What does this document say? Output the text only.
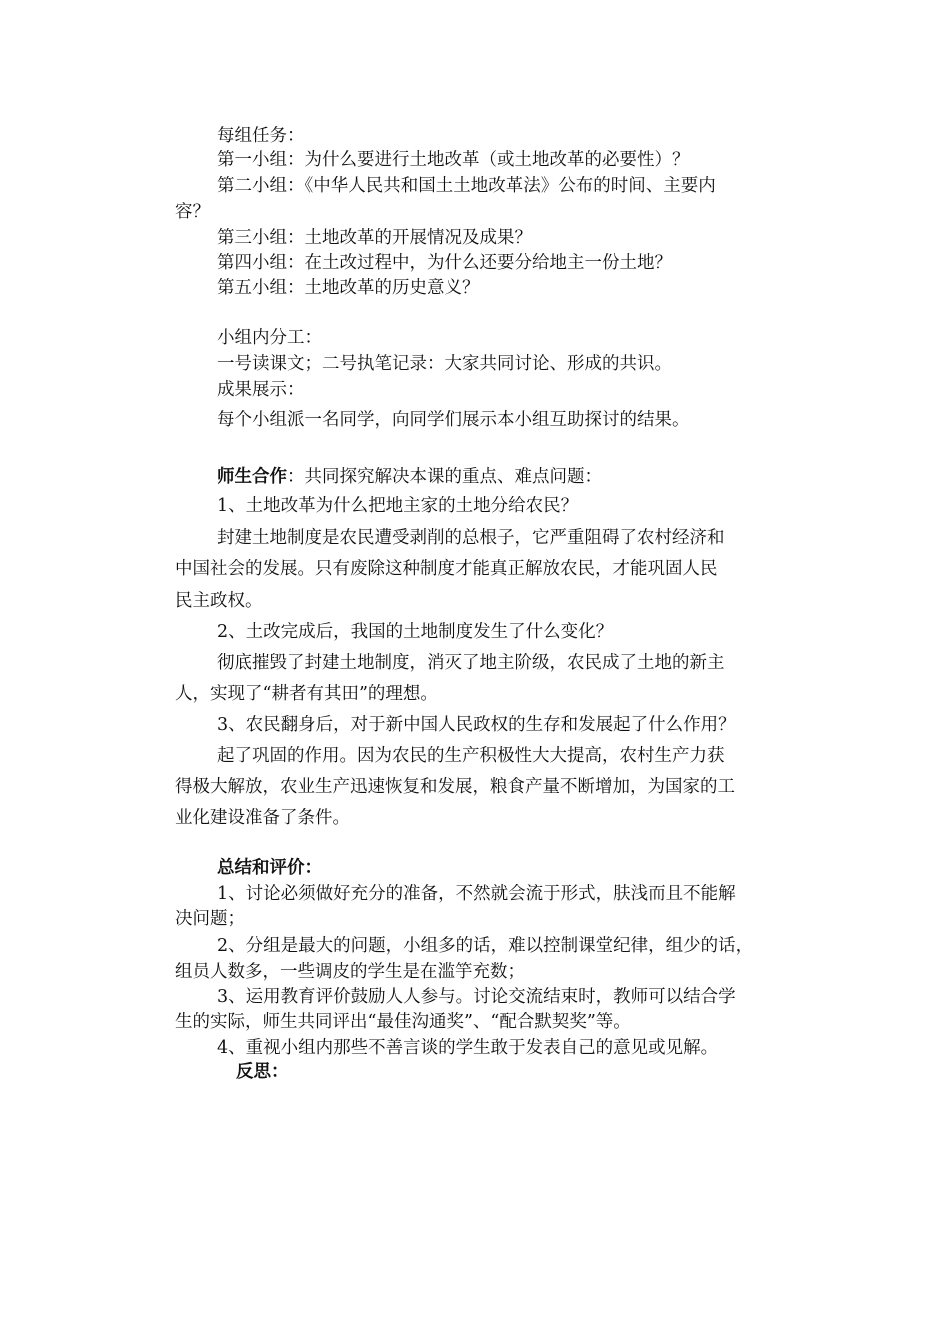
每组任务：
第一小组：为什么要进行土地改革（或土地改革的必要性）？
第二小组：《中华人民共和国土土地改革法》公布的时间、主要内
容？
第三小组：土地改革的开展情况及成果？
第四小组：在土改过程中，为什么还要分给地主一份土地？
第五小组：土地改革的历史意义？
小组内分工：
一号读课文；二号执笔记录：大家共同讨论、形成的共识。
成果展示：
每个小组派一名同学，向同学们展示本小组互助探讨的结果。
师生合作：共同探究解决本课的重点、难点问题：
1、土地改革为什么把地主家的土地分给农民？
封建土地制度是农民遭受剥削的总根子，它严重阻碍了农村经济和
中国社会的发展。只有废除这种制度才能真正解放农民，才能巩固人民
民主政权。
2、土改完成后，我国的土地制度发生了什么变化？
彻底摧毁了封建土地制度，消灭了地主阶级，农民成了土地的新主
人，实现了“耕者有其田”的理想。
3、农民翻身后，对于新中国人民政权的生存和发展起了什么作用？
起了巩固的作用。因为农民的生产积极性大大提高，农村生产力获
得极大解放，农业生产迅速恢复和发展，粮食产量不断增加，为国家的工
业化建设准备了条件。
总结和评价：
1、讨论必须做好充分的准备，不然就会流于形式，肤浅而且不能解
决问题；
2、分组是最大的问题，小组多的话，难以控制课堂纪律，组少的话，
组员人数多，一些调皮的学生是在滥竽充数；
3、运用教育评价鼓励人人参与。讨论交流结束时，教师可以结合学
生的实际，师生共同评出“最佳沟通奖”、“配合默契奖”等。
4、重视小组内那些不善言谈的学生敢于发表自己的意见或见解。
反思：
